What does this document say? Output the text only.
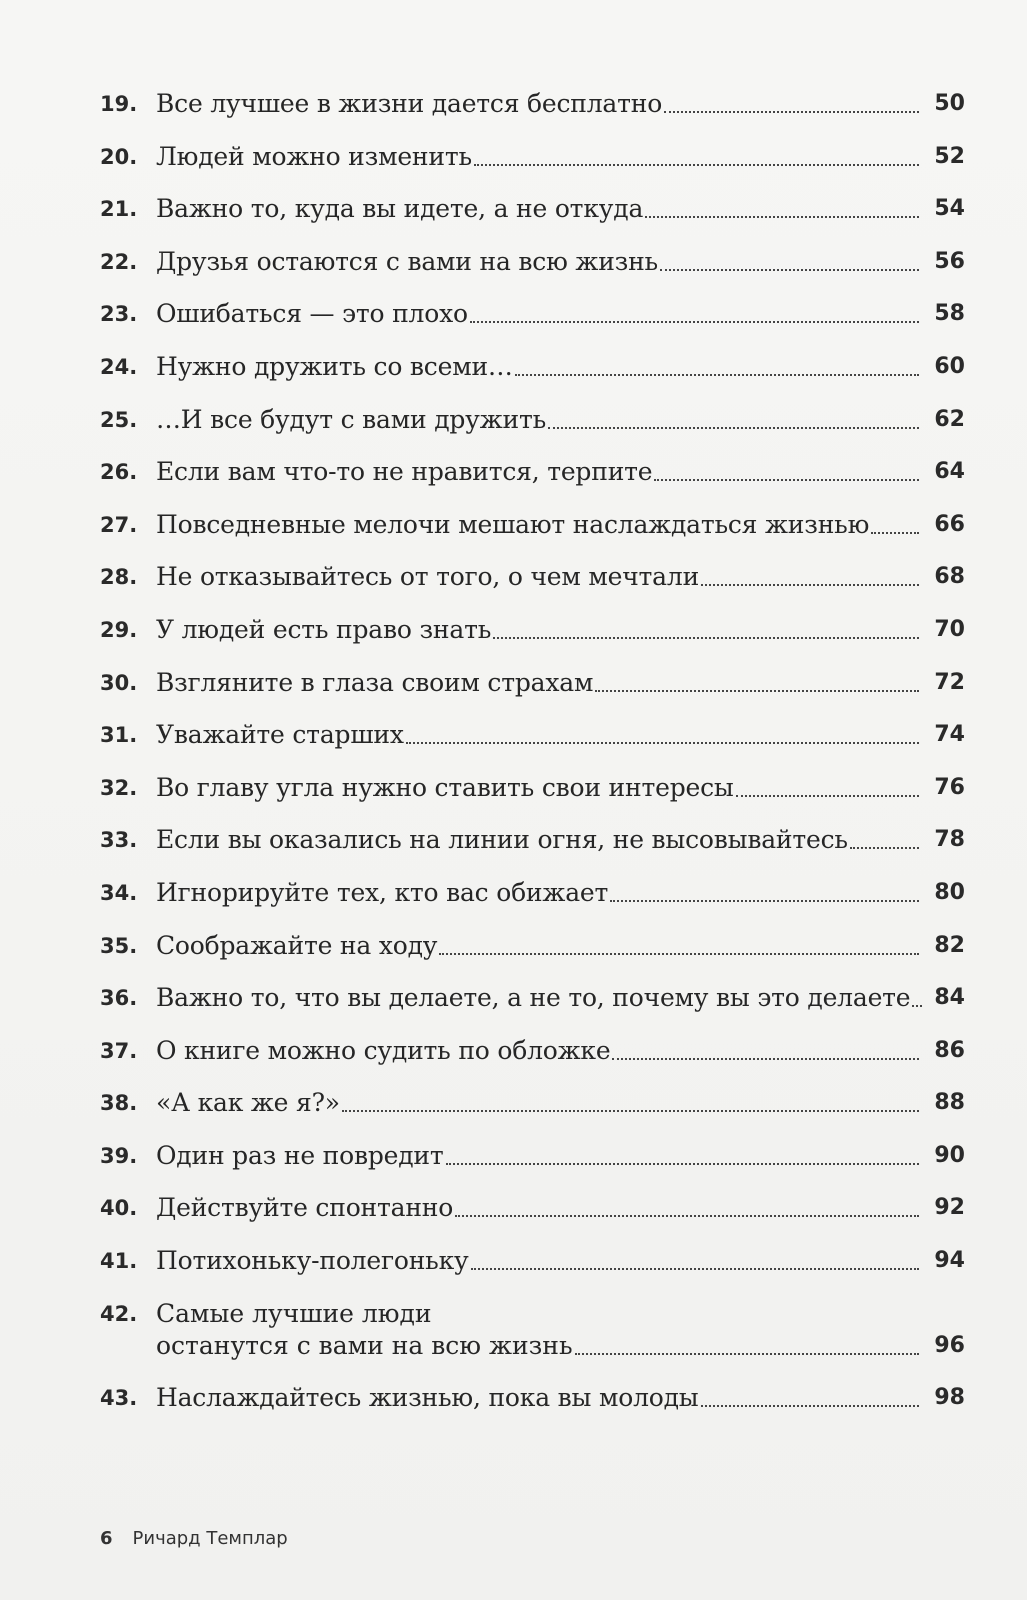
19. Все лучшее в жизни дается бесплатно	50
20. Людей можно изменить	52
21. Важно то, куда вы идете, а не откуда	54
22. Друзья остаются с вами на всю жизнь	56
23. Ошибаться — это плохо	58
24. Нужно дружить со всеми…	60
25. …И все будут с вами дружить	62
26. Если вам что-то не нравится, терпите	64
27. Повседневные мелочи мешают наслаждаться жизнью	66
28. Не отказывайтесь от того, о чем мечтали	68
29. У людей есть право знать	70
30. Взгляните в глаза своим страхам	72
31. Уважайте старших	74
32. Во главу угла нужно ставить свои интересы	76
33. Если вы оказались на линии огня, не высовывайтесь	78
34. Игнорируйте тех, кто вас обижает	80
35. Соображайте на ходу	82
36. Важно то, что вы делаете, а не то, почему вы это делаете	84
37. О книге можно судить по обложке	86
38. «А как же я?»	88
39. Один раз не повредит	90
40. Действуйте спонтанно	92
41. Потихоньку-полегоньку	94
42. Самые лучшие люди
останутся с вами на всю жизнь	96
43. Наслаждайтесь жизнью, пока вы молоды	98
6 Ричард Темплар
